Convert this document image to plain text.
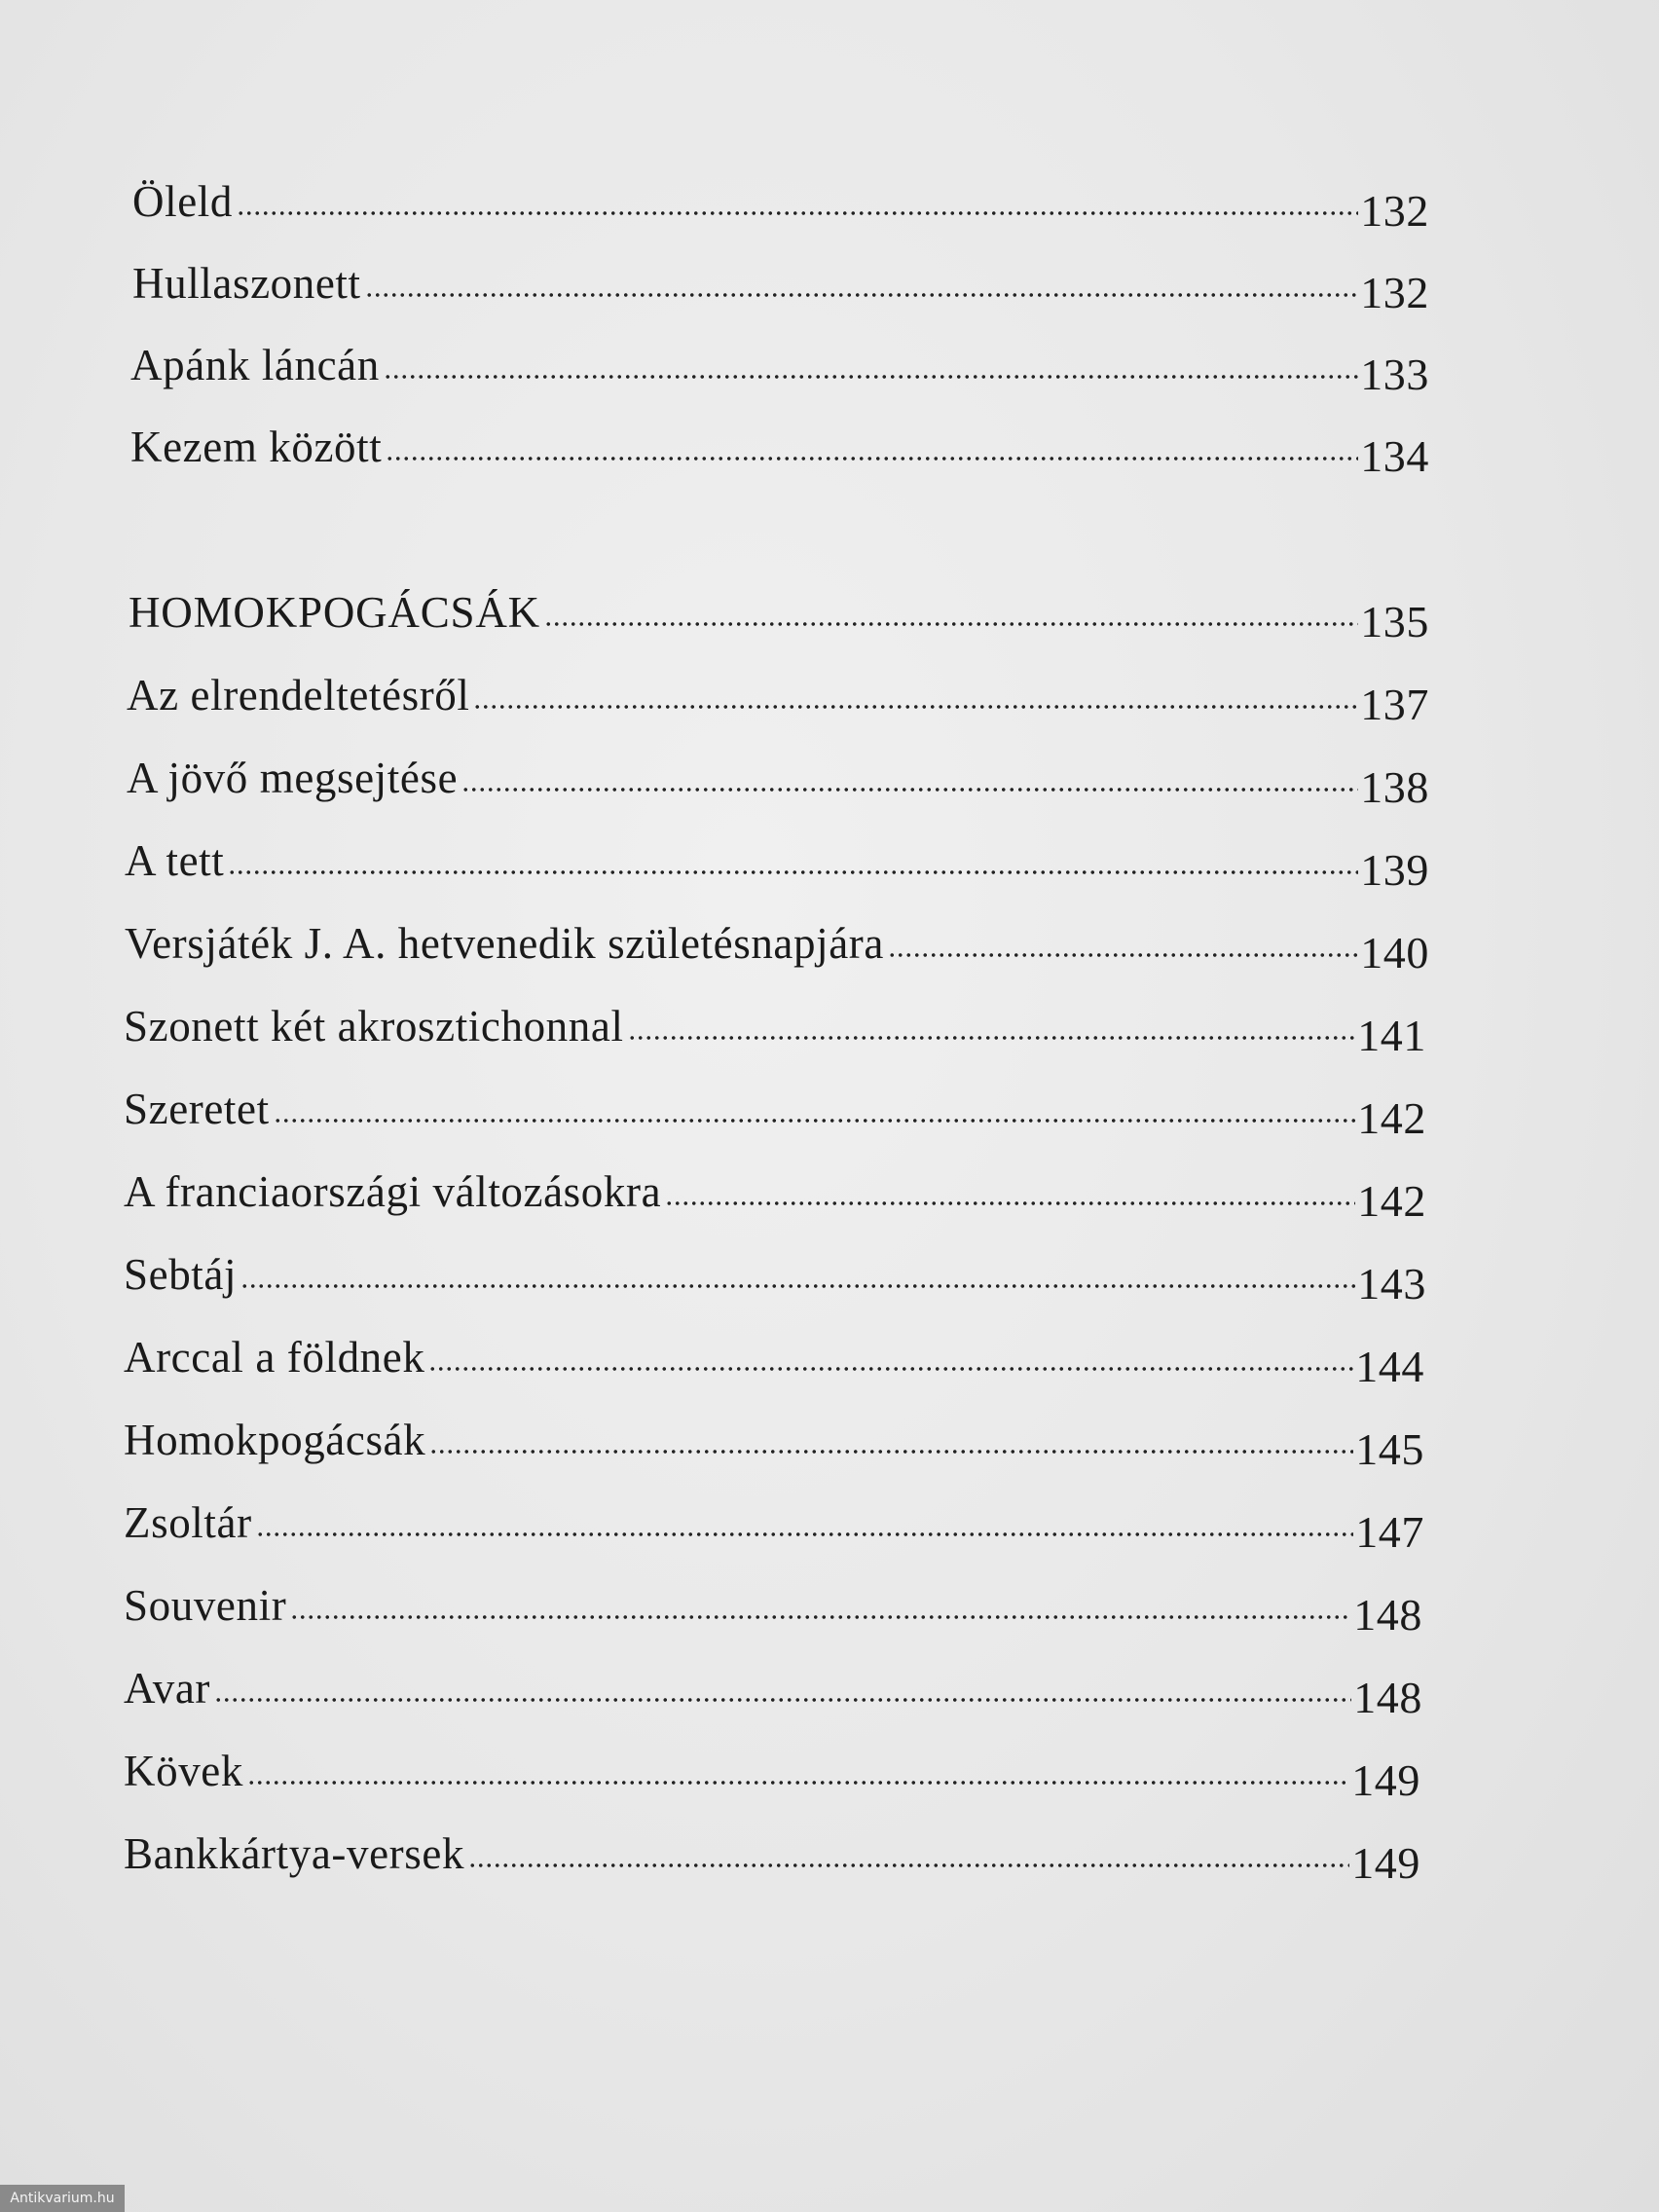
Öleld	132
Hullaszonett	132
Apánk láncán	133
Kezem között	134
HOMOKPOGÁCSÁK	135
Az elrendeltetésről	137
A jövő megsejtése	138
A tett	139
Versjáték J. A. hetvenedik születésnapjára	140
Szonett két akrosztichonnal	141
Szeretet	142
A franciaországi változásokra	142
Sebtáj	143
Arccal a földnek	144
Homokpogácsák	145
Zsoltár	147
Souvenir	148
Avar	148
Kövek	149
Bankkártya-versek	149
Antikvarium.hu
